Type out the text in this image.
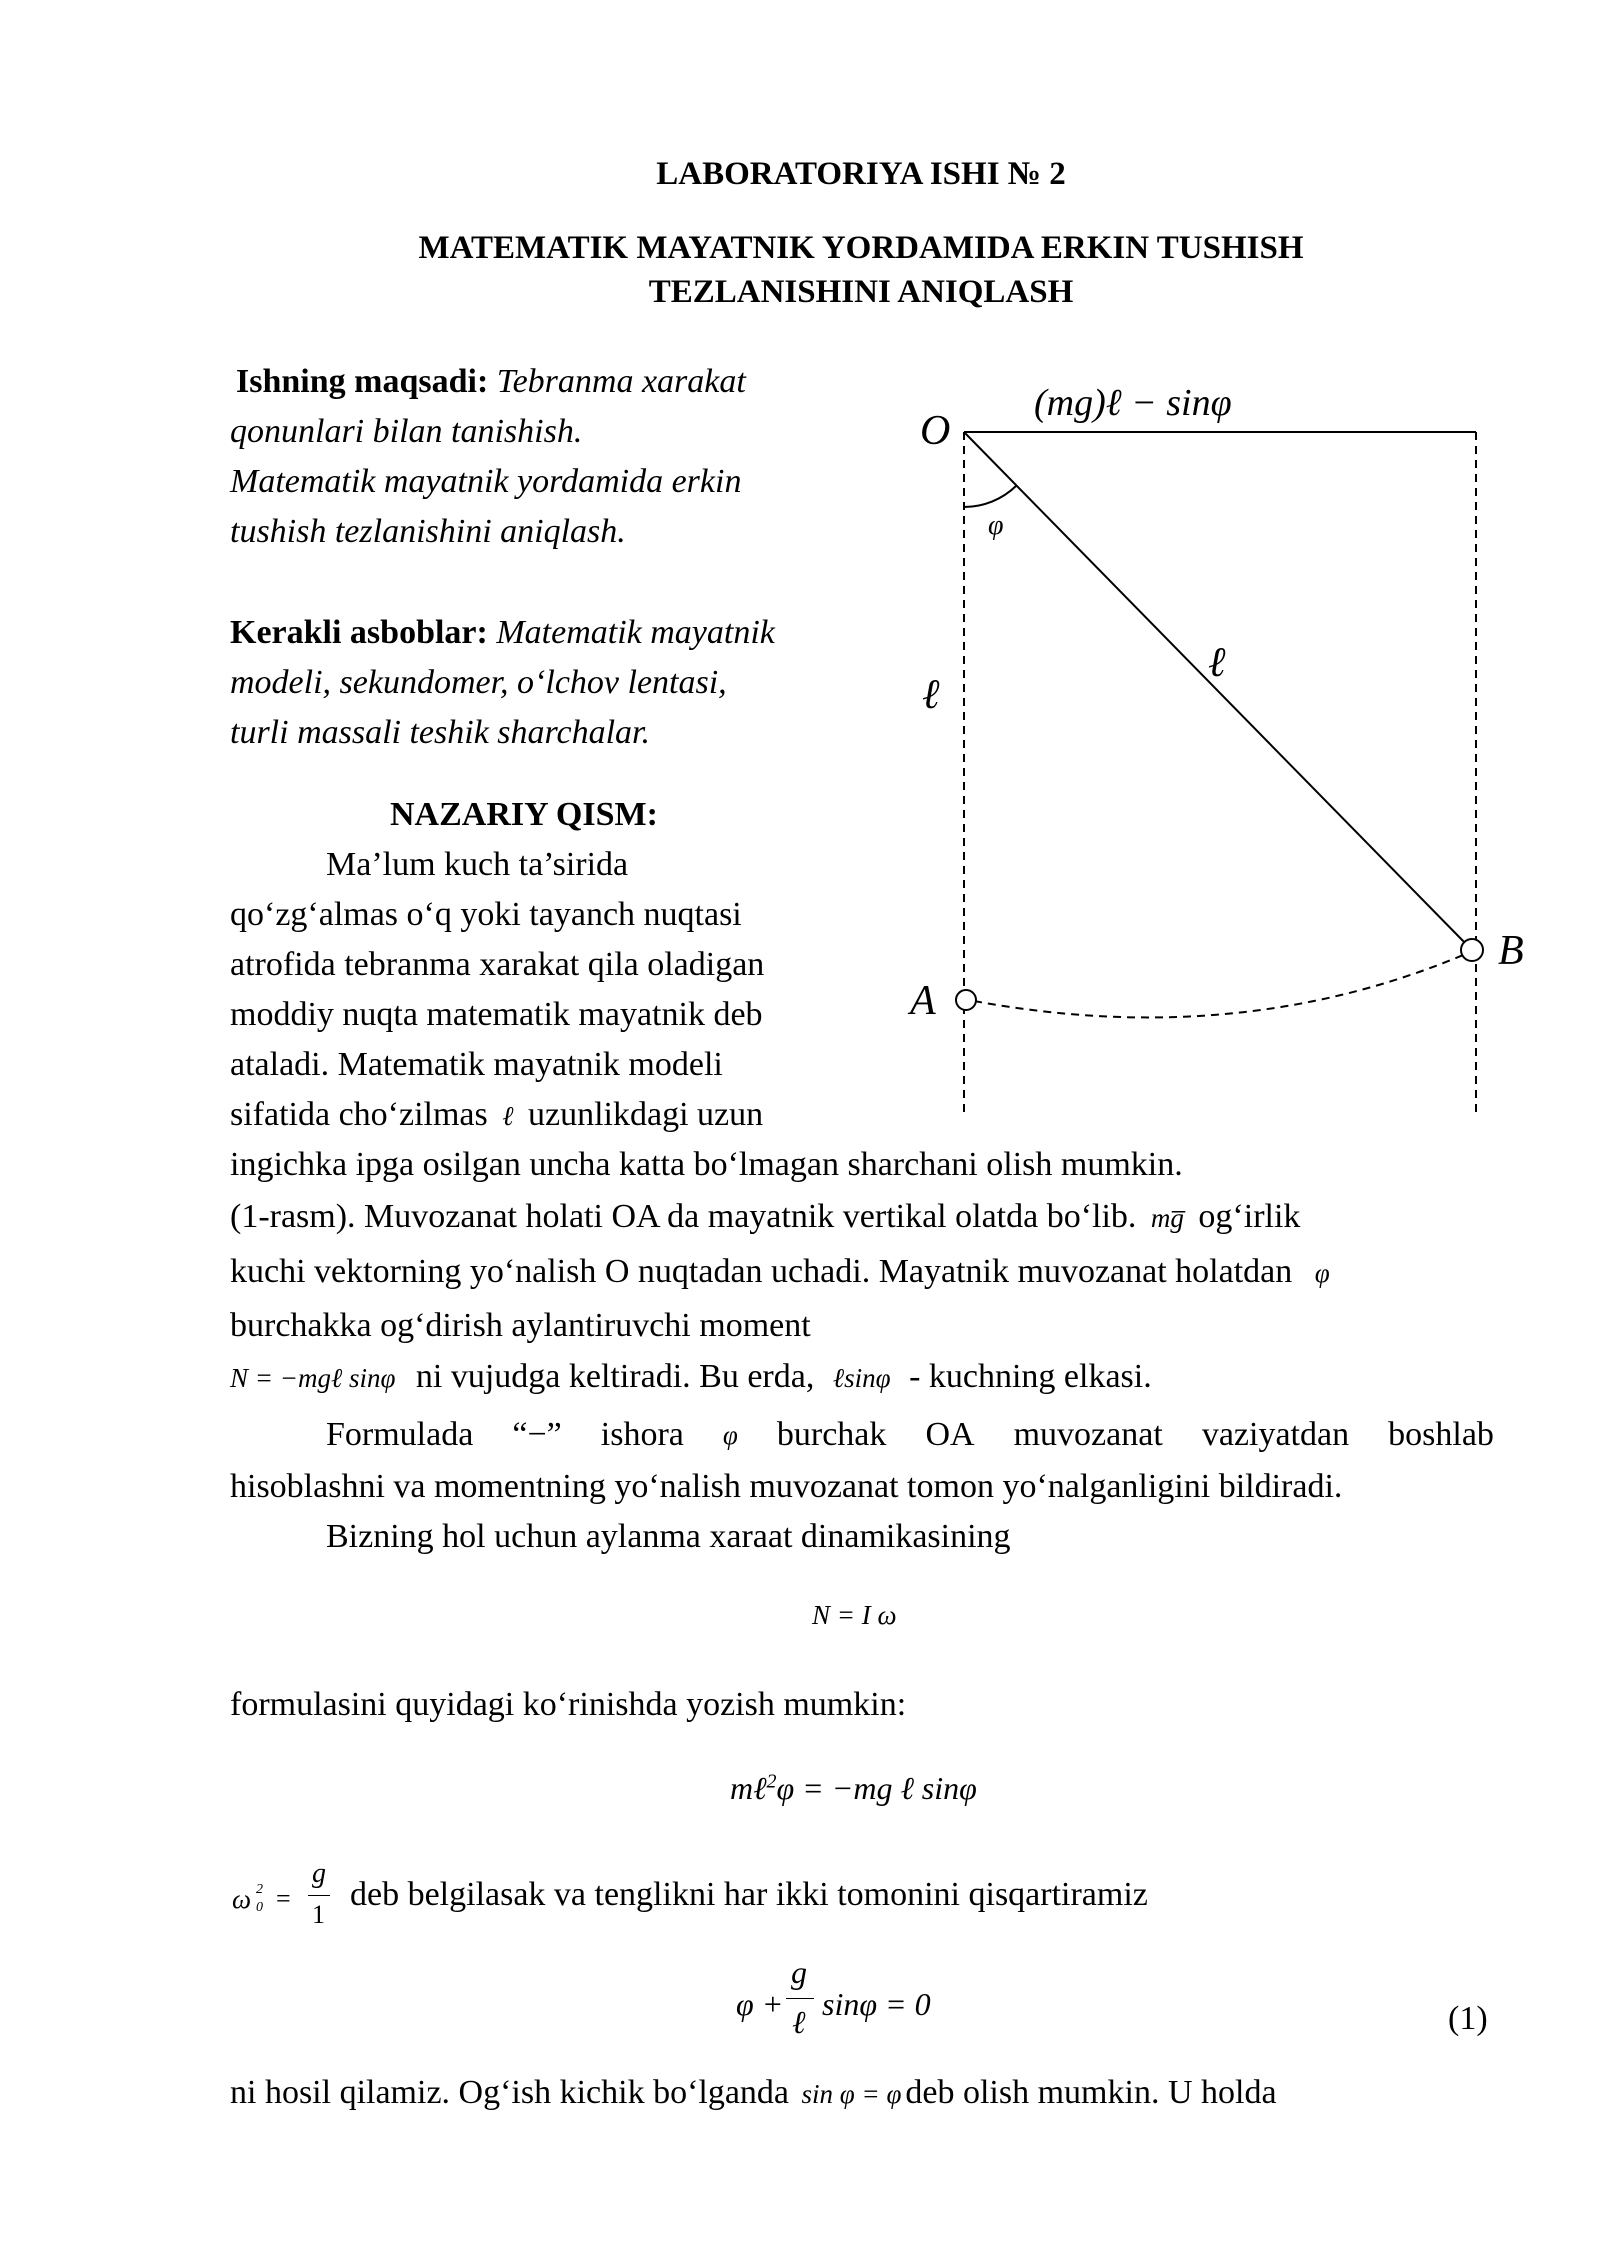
LABORATORIYA ISHI № 2
MATEMATIK MAYATNIK YORDAMIDA ERKIN TUSHISH
TEZLANISHINI ANIQLASH
Ishning maqsadi: Tebranma xarakat
qonunlari bilan tanishish.
Matematik mayatnik yordamida erkin
tushish tezlanishini aniqlash.
Kerakli asboblar: Matematik mayatnik
modeli, sekundomer, o‘lchov lentasi,
turli massali teshik sharchalar.
NAZARIY QISM:
Ma’lum kuch ta’sirida
qo‘zg‘almas o‘q yoki tayanch nuqtasi
atrofida tebranma xarakat qila oladigan
moddiy nuqta matematik mayatnik deb
ataladi. Matematik mayatnik modeli
sifatida cho‘zilmas ℓ uzunlikdagi uzun
ingichka ipga osilgan uncha katta bo‘lmagan sharchani olish mumkin.
(1-rasm). Muvozanat holati OA da mayatnik vertikal olatda bo‘lib. mg̅ og‘irlik
kuchi vektorning yo‘nalish O nuqtadan uchadi. Mayatnik muvozanat holatdan φ
burchakka og‘dirish aylantiruvchi moment
N = −mgℓ sinφ ni vujudga keltiradi. Bu erda, ℓsinφ - kuchning elkasi.
Formulada “−” ishora φ burchak OA muvozanat vaziyatdan boshlab
hisoblashni va momentning yo‘nalish muvozanat tomon yo‘nalganligini bildiradi.
Bizning hol uchun aylanma xaraat dinamikasining
N = I ω
formulasini quyidagi ko‘rinishda yozish mumkin:
mℓ$^2$φ = −mg ℓ sinφ
ω 2
0 =
g
1
deb belgilasak va tenglikni har ikki tomonini qisqartiramiz
φ +
g
ℓ sinφ = 0	(1)
ni hosil qilamiz. Og‘ish kichik bo‘lganda sin φ = φ deb olish mumkin. U holda
(mg)ℓ − sinφ
O
φ
ℓ
ℓ
A
B
